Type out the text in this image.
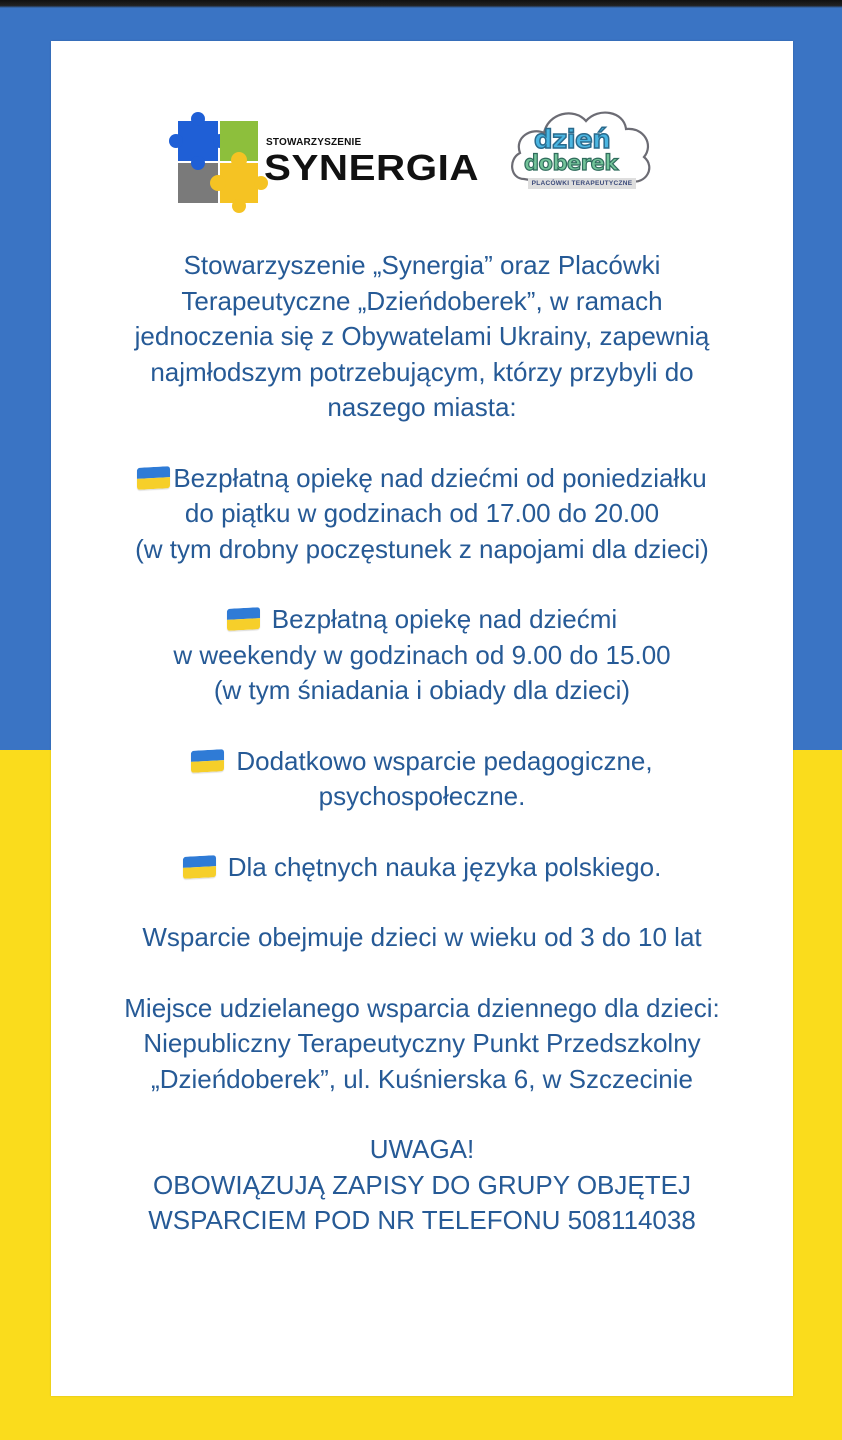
STOWARZYSZENIE
SYNERGIA
dzień
doberek
PLACÓWKI TERAPEUTYCZNE
Stowarzyszenie „Synergia” oraz Placówki
Terapeutyczne „Dzieńdoberek”, w ramach
jednoczenia się z Obywatelami Ukrainy, zapewnią
najmłodszym potrzebującym, którzy przybyli do
naszego miasta:
Bezpłatną opiekę nad dziećmi od poniedziałku
do piątku w godzinach od 17.00 do 20.00
(w tym drobny poczęstunek z napojami dla dzieci)
Bezpłatną opiekę nad dziećmi
w weekendy w godzinach od 9.00 do 15.00
(w tym śniadania i obiady dla dzieci)
Dodatkowo wsparcie pedagogiczne,
psychospołeczne.
Dla chętnych nauka języka polskiego.
Wsparcie obejmuje dzieci w wieku od 3 do 10 lat
Miejsce udzielanego wsparcia dziennego dla dzieci:
Niepubliczny Terapeutyczny Punkt Przedszkolny
„Dzieńdoberek”, ul. Kuśnierska 6, w Szczecinie
UWAGA!
OBOWIĄZUJĄ ZAPISY DO GRUPY OBJĘTEJ
WSPARCIEM POD NR TELEFONU 508114038
